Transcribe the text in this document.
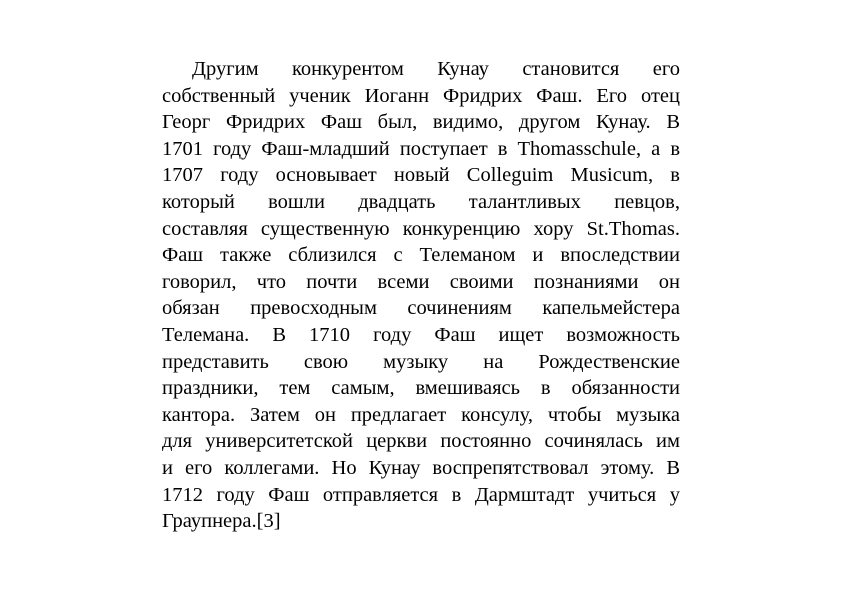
Другим конкурентом Кунау становится его
собственный ученик Иоганн Фридрих Фаш. Его отец
Георг Фридрих Фаш был, видимо, другом Кунау. В
1701 году Фаш-младший поступает в Thomasschule, а в
1707 году основывает новый Colleguim Musicum, в
который вошли двадцать талантливых певцов,
составляя существенную конкуренцию хору St.Thomas.
Фаш также сблизился с Телеманом и впоследствии
говорил, что почти всеми своими познаниями он
обязан превосходным сочинениям капельмейстера
Телемана. В 1710 году Фаш ищет возможность
представить свою музыку на Рождественские
праздники, тем самым, вмешиваясь в обязанности
кантора. Затем он предлагает консулу, чтобы музыка
для университетской церкви постоянно сочинялась им
и его коллегами. Но Кунау воспрепятствовал этому. В
1712 году Фаш отправляется в Дармштадт учиться у
Граупнера.[3]
